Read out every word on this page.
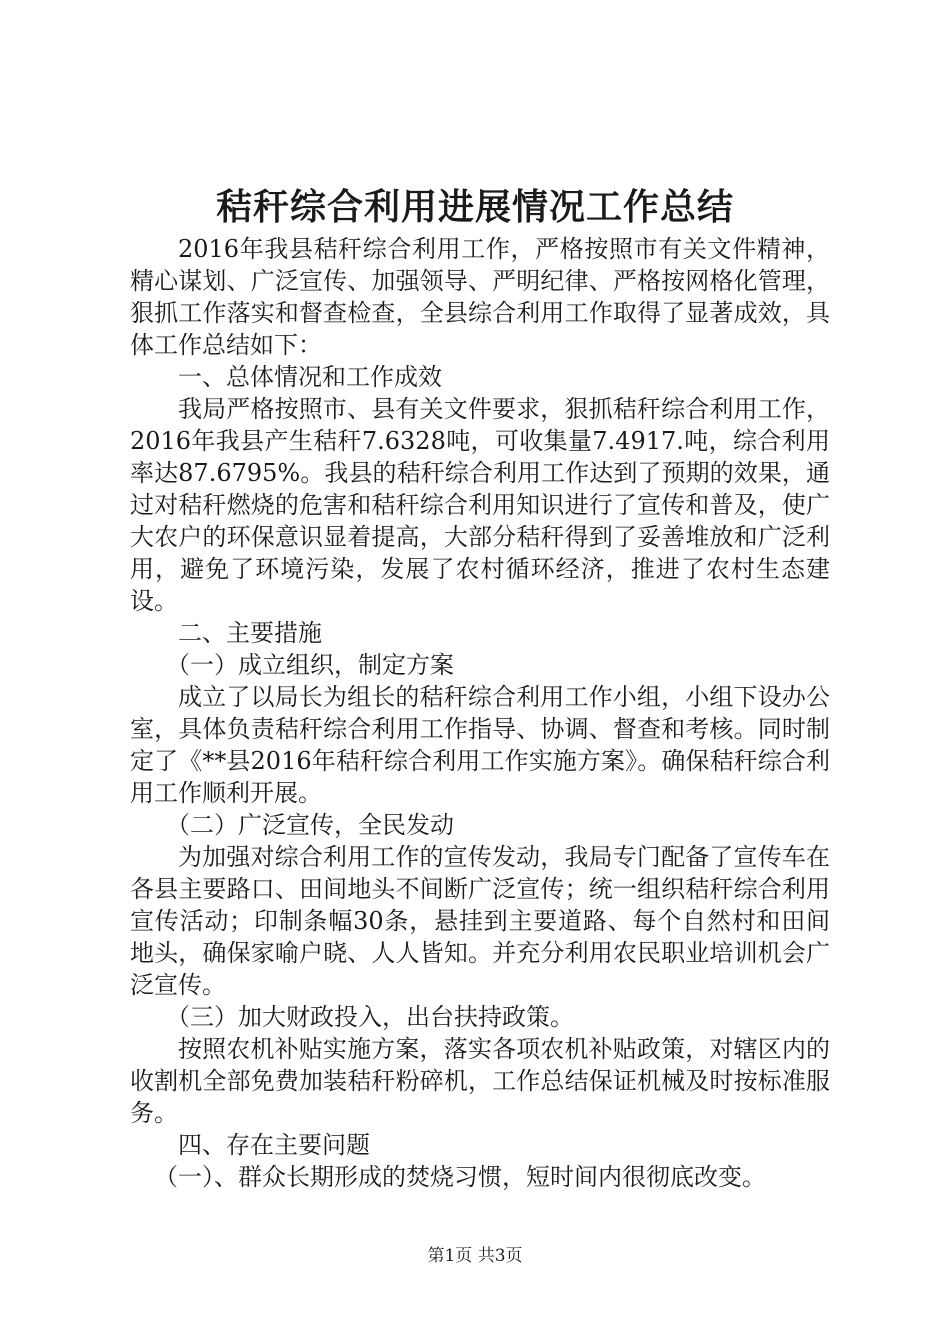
秸秆综合利用进展情况工作总结

2016年我县秸秆综合利用工作，严格按照市有关文件精神，精心谋划、广泛宣传、加强领导、严明纪律、严格按网格化管理，狠抓工作落实和督查检查，全县综合利用工作取得了显著成效，具体工作总结如下：

一、总体情况和工作成效

我局严格按照市、县有关文件要求，狠抓秸秆综合利用工作，2016年我县产生秸秆7.6328吨，可收集量7.4917.吨，综合利用率达87.6795%。我县的秸秆综合利用工作达到了预期的效果，通过对秸秆燃烧的危害和秸秆综合利用知识进行了宣传和普及，使广大农户的环保意识显着提高，大部分秸秆得到了妥善堆放和广泛利用，避免了环境污染，发展了农村循环经济，推进了农村生态建设。

二、主要措施

（一）成立组织，制定方案

成立了以局长为组长的秸秆综合利用工作小组，小组下设办公室，具体负责秸秆综合利用工作指导、协调、督查和考核。同时制定了《**县2016年秸秆综合利用工作实施方案》。确保秸秆综合利用工作顺利开展。

（二）广泛宣传，全民发动

为加强对综合利用工作的宣传发动，我局专门配备了宣传车在各县主要路口、田间地头不间断广泛宣传；统一组织秸秆综合利用宣传活动；印制条幅30条，悬挂到主要道路、每个自然村和田间地头，确保家喻户晓、人人皆知。并充分利用农民职业培训机会广泛宣传。

（三）加大财政投入，出台扶持政策。

按照农机补贴实施方案，落实各项农机补贴政策，对辖区内的收割机全部免费加装秸秆粉碎机，工作总结保证机械及时按标准服务。

四、存在主要问题

（一）、群众长期形成的焚烧习惯，短时间内很彻底改变。

第1页 共3页
